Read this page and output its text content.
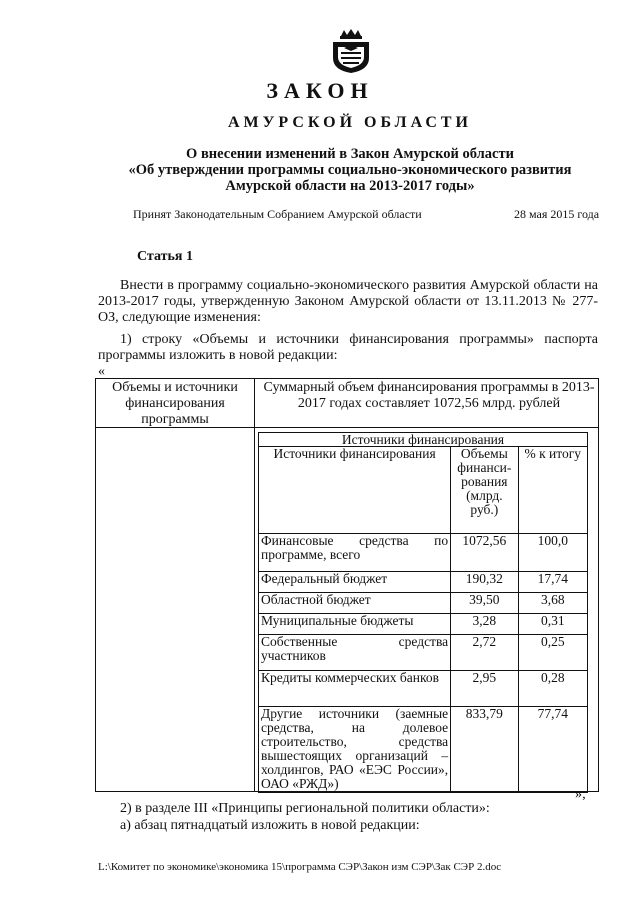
ЗАКОН
АМУРСКОЙ ОБЛАСТИ
О внесении изменений в Закон Амурской области
«Об утверждении программы социально-экономического развития
Амурской области на 2013-2017 годы»
Принят Законодательным Собранием Амурской области	28 мая 2015 года
Статья 1
Внести в программу социально-экономического развития Амурской области на 2013-2017 годы, утвержденную Законом Амурской области от 13.11.2013 № 277-ОЗ, следующие изменения:
1) строку «Объемы и источники финансирования программы» паспорта программы изложить в новой редакции:
«
Объемы и источники финансирования программы
Суммарный объем финансирования программы в 2013-2017 годах составляет 1072,56 млрд. рублей
Источники финансирования		
Источники финансирования	Объемы финанси-рования (млрд. руб.)	% к итогу
Финансовые средства по программе, всего	1072,56	100,0
Федеральный бюджет	190,32	17,74
Областной бюджет	39,50	3,68
Муниципальные бюджеты	3,28	0,31
Собственные средства участников	2,72	0,25
Кредиты коммерческих банков	2,95	0,28
Другие источники (заемные средства, на долевое строительство, средства вышестоящих организаций – холдингов, РАО «ЕЭС России», ОАО «РЖД»)	833,79	77,74
»;
2) в разделе III «Принципы региональной политики области»:
а) абзац пятнадцатый изложить в новой редакции:
L:\Комитет по экономике\экономика 15\программа СЭР\Закон изм СЭР\Зак СЭР 2.doc
